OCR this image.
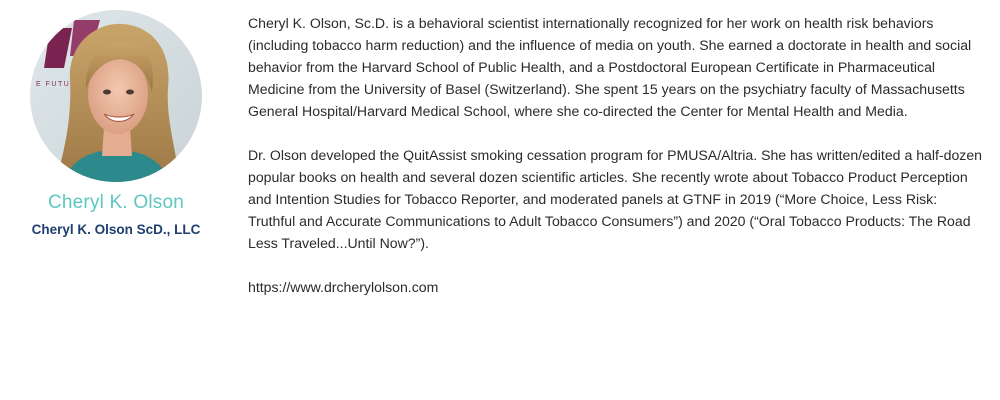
E FUTU
Cheryl K. Olson
Cheryl K. Olson ScD., LLC

Cheryl K. Olson, Sc.D. is a behavioral scientist internationally recognized for her work on health risk behaviors (including tobacco harm reduction) and the influence of media on youth. She earned a doctorate in health and social behavior from the Harvard School of Public Health, and a Postdoctoral European Certificate in Pharmaceutical Medicine from the University of Basel (Switzerland). She spent 15 years on the psychiatry faculty of Massachusetts General Hospital/Harvard Medical School, where she co-directed the Center for Mental Health and Media.

Dr. Olson developed the QuitAssist smoking cessation program for PMUSA/Altria. She has written/edited a half-dozen popular books on health and several dozen scientific articles. She recently wrote about Tobacco Product Perception and Intention Studies for Tobacco Reporter, and moderated panels at GTNF in 2019 (“More Choice, Less Risk: Truthful and Accurate Communications to Adult Tobacco Consumers”) and 2020 (“Oral Tobacco Products: The Road Less Traveled...Until Now?”).

https://www.drcherylolson.com
